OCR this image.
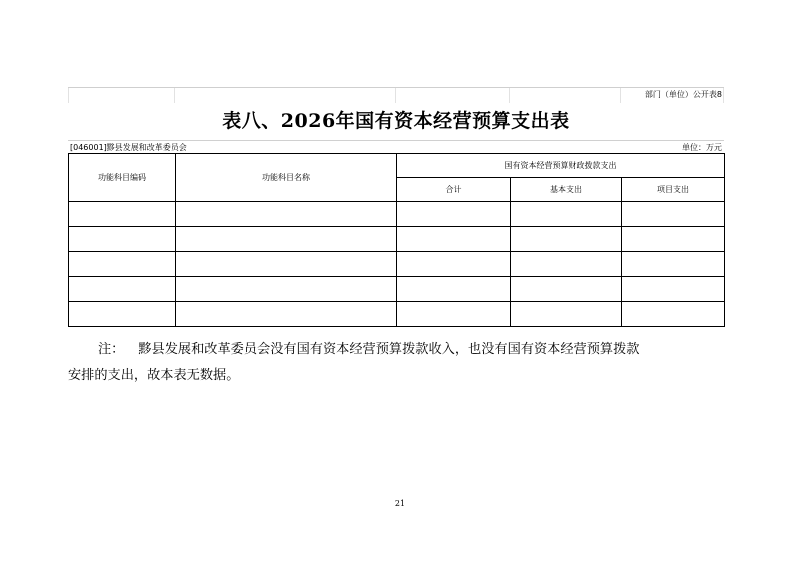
部门（单位）公开表8
表八、2026年国有资本经营预算支出表
[046001]黟县发展和改革委员会	单位：万元
功能科目编码	功能科目名称	国有资本经营预算财政拨款支出		
		合计	基本支出	项目支出

注： 黟县发展和改革委员会没有国有资本经营预算拨款收入，也没有国有资本经营预算拨款
安排的支出，故本表无数据。
21
